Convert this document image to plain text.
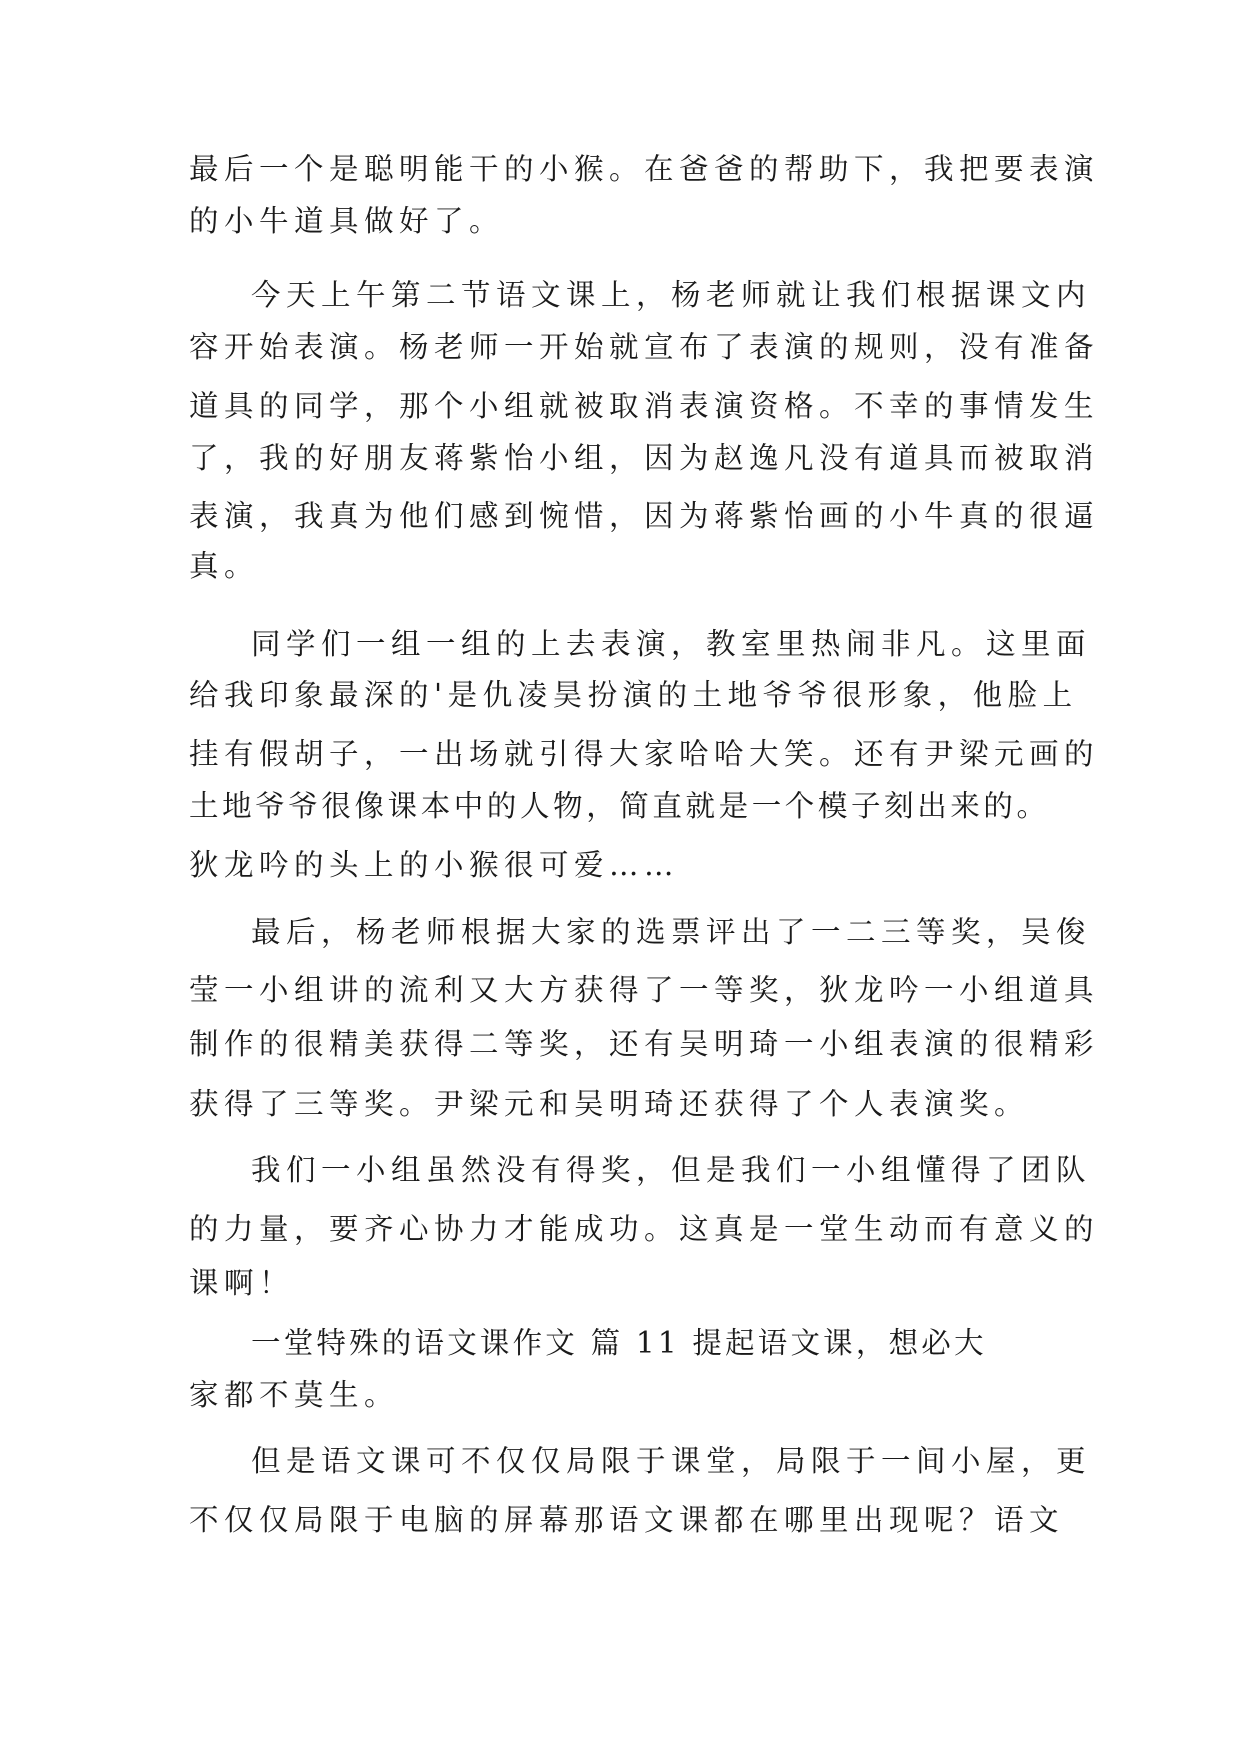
最后一个是聪明能干的小猴。在爸爸的帮助下，我把要表演
的小牛道具做好了。
今天上午第二节语文课上，杨老师就让我们根据课文内
容开始表演。杨老师一开始就宣布了表演的规则，没有准备
道具的同学，那个小组就被取消表演资格。不幸的事情发生
了，我的好朋友蒋紫怡小组，因为赵逸凡没有道具而被取消
表演，我真为他们感到惋惜，因为蒋紫怡画的小牛真的很逼
真。
同学们一组一组的上去表演，教室里热闹非凡。这里面
给我印象最深的'是仇凌昊扮演的土地爷爷很形象，他脸上
挂有假胡子，一出场就引得大家哈哈大笑。还有尹梁元画的
土地爷爷很像课本中的人物，简直就是一个模子刻出来的。
狄龙吟的头上的小猴很可爱……
最后，杨老师根据大家的选票评出了一二三等奖，吴俊
莹一小组讲的流利又大方获得了一等奖，狄龙吟一小组道具
制作的很精美获得二等奖，还有吴明琦一小组表演的很精彩
获得了三等奖。尹梁元和吴明琦还获得了个人表演奖。
我们一小组虽然没有得奖，但是我们一小组懂得了团队
的力量，要齐心协力才能成功。这真是一堂生动而有意义的
课啊！
一堂特殊的语文课作文 篇 11 提起语文课，想必大
家都不莫生。
但是语文课可不仅仅局限于课堂，局限于一间小屋，更
不仅仅局限于电脑的屏幕那语文课都在哪里出现呢？语文
